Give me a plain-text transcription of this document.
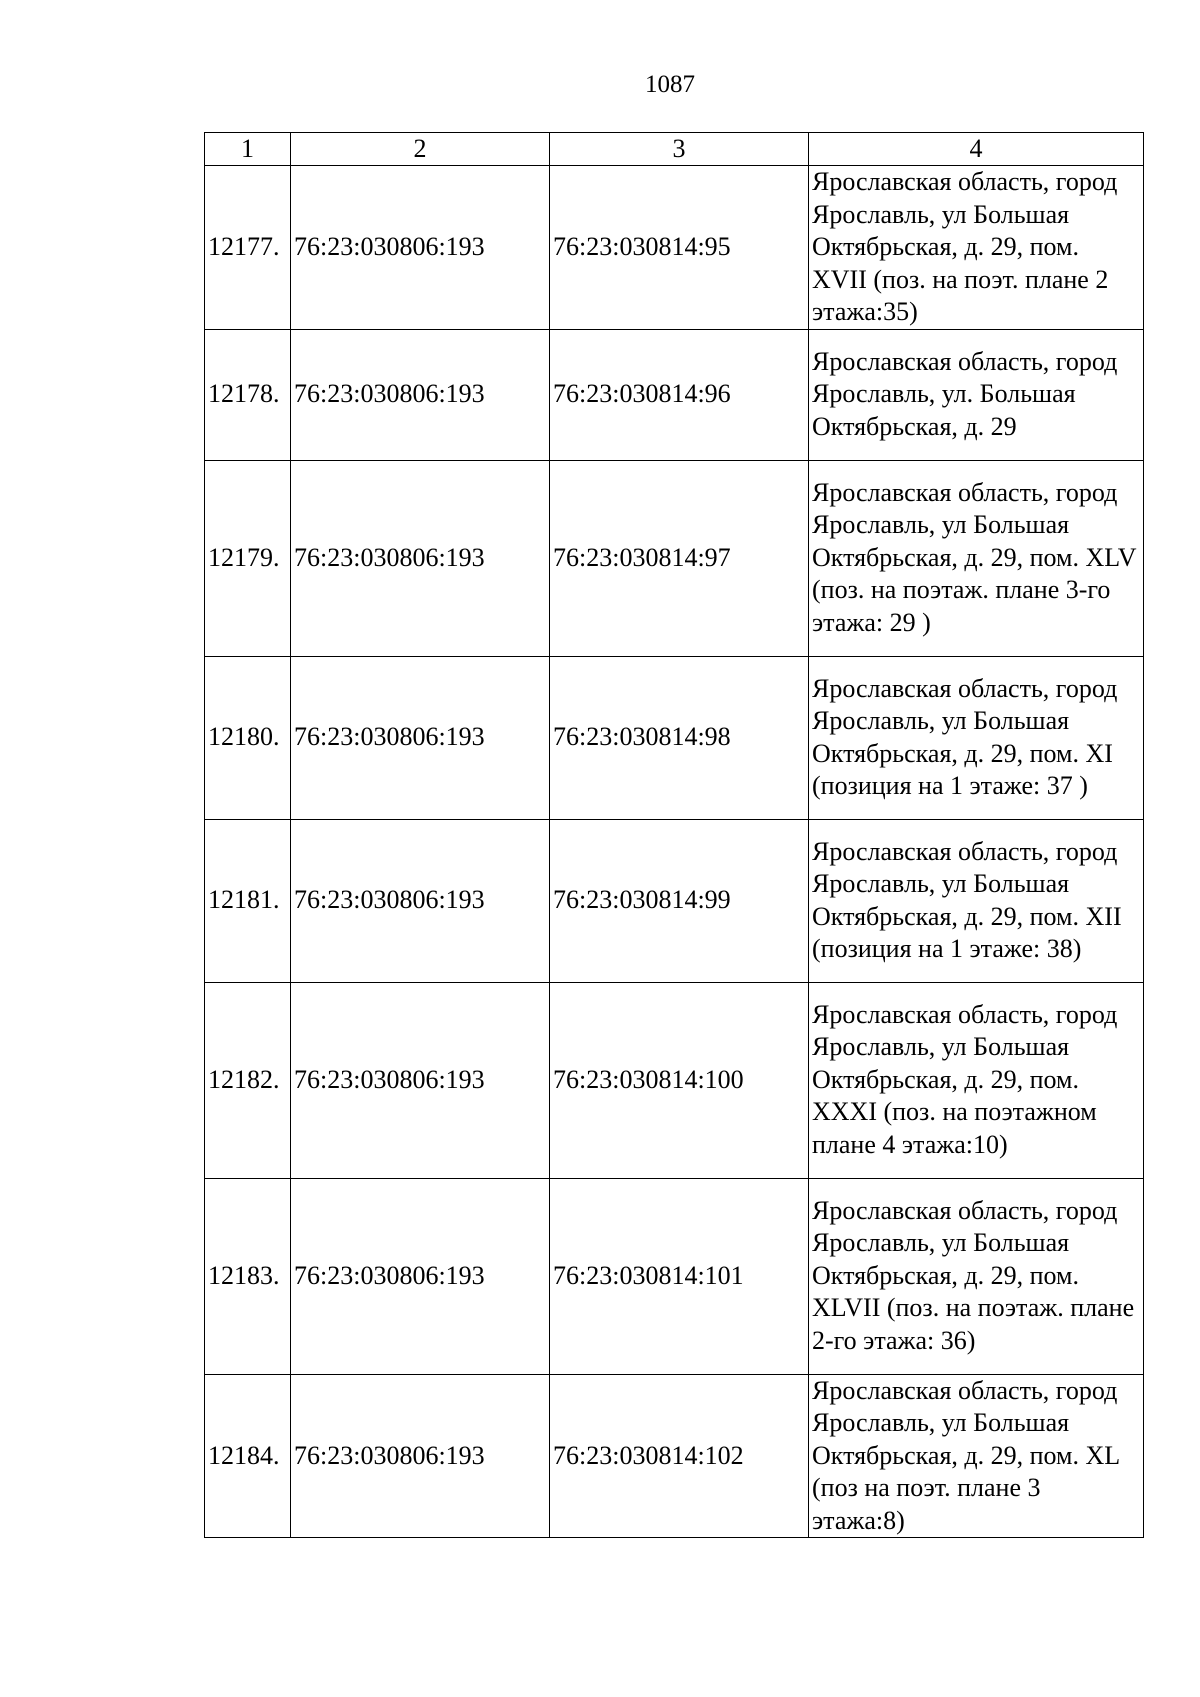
1087
1	2	3	4
12177.	76:23:030806:193	76:23:030814:95	Ярославская область, город Ярославль, ул Большая Октябрьская, д. 29, пом. XVII (поз. на поэт. плане 2 этажа:35)
12178.	76:23:030806:193	76:23:030814:96	Ярославская область, город Ярославль, ул. Большая Октябрьская, д. 29
12179.	76:23:030806:193	76:23:030814:97	Ярославская область, город Ярославль, ул Большая Октябрьская, д. 29, пом. XLV (поз. на поэтаж. плане 3-го этажа: 29 )
12180.	76:23:030806:193	76:23:030814:98	Ярославская область, город Ярославль, ул Большая Октябрьская, д. 29, пом. XI (позиция на 1 этаже: 37 )
12181.	76:23:030806:193	76:23:030814:99	Ярославская область, город Ярославль, ул Большая Октябрьская, д. 29, пом. XII (позиция на 1 этаже: 38)
12182.	76:23:030806:193	76:23:030814:100	Ярославская область, город Ярославль, ул Большая Октябрьская, д. 29, пом. XXXI (поз. на поэтажном плане 4 этажа:10)
12183.	76:23:030806:193	76:23:030814:101	Ярославская область, город Ярославль, ул Большая Октябрьская, д. 29, пом. XLVII (поз. на поэтаж. плане 2-го этажа: 36)
12184.	76:23:030806:193	76:23:030814:102	Ярославская область, город Ярославль, ул Большая Октябрьская, д. 29, пом. XL (поз на поэт. плане 3 этажа:8)
